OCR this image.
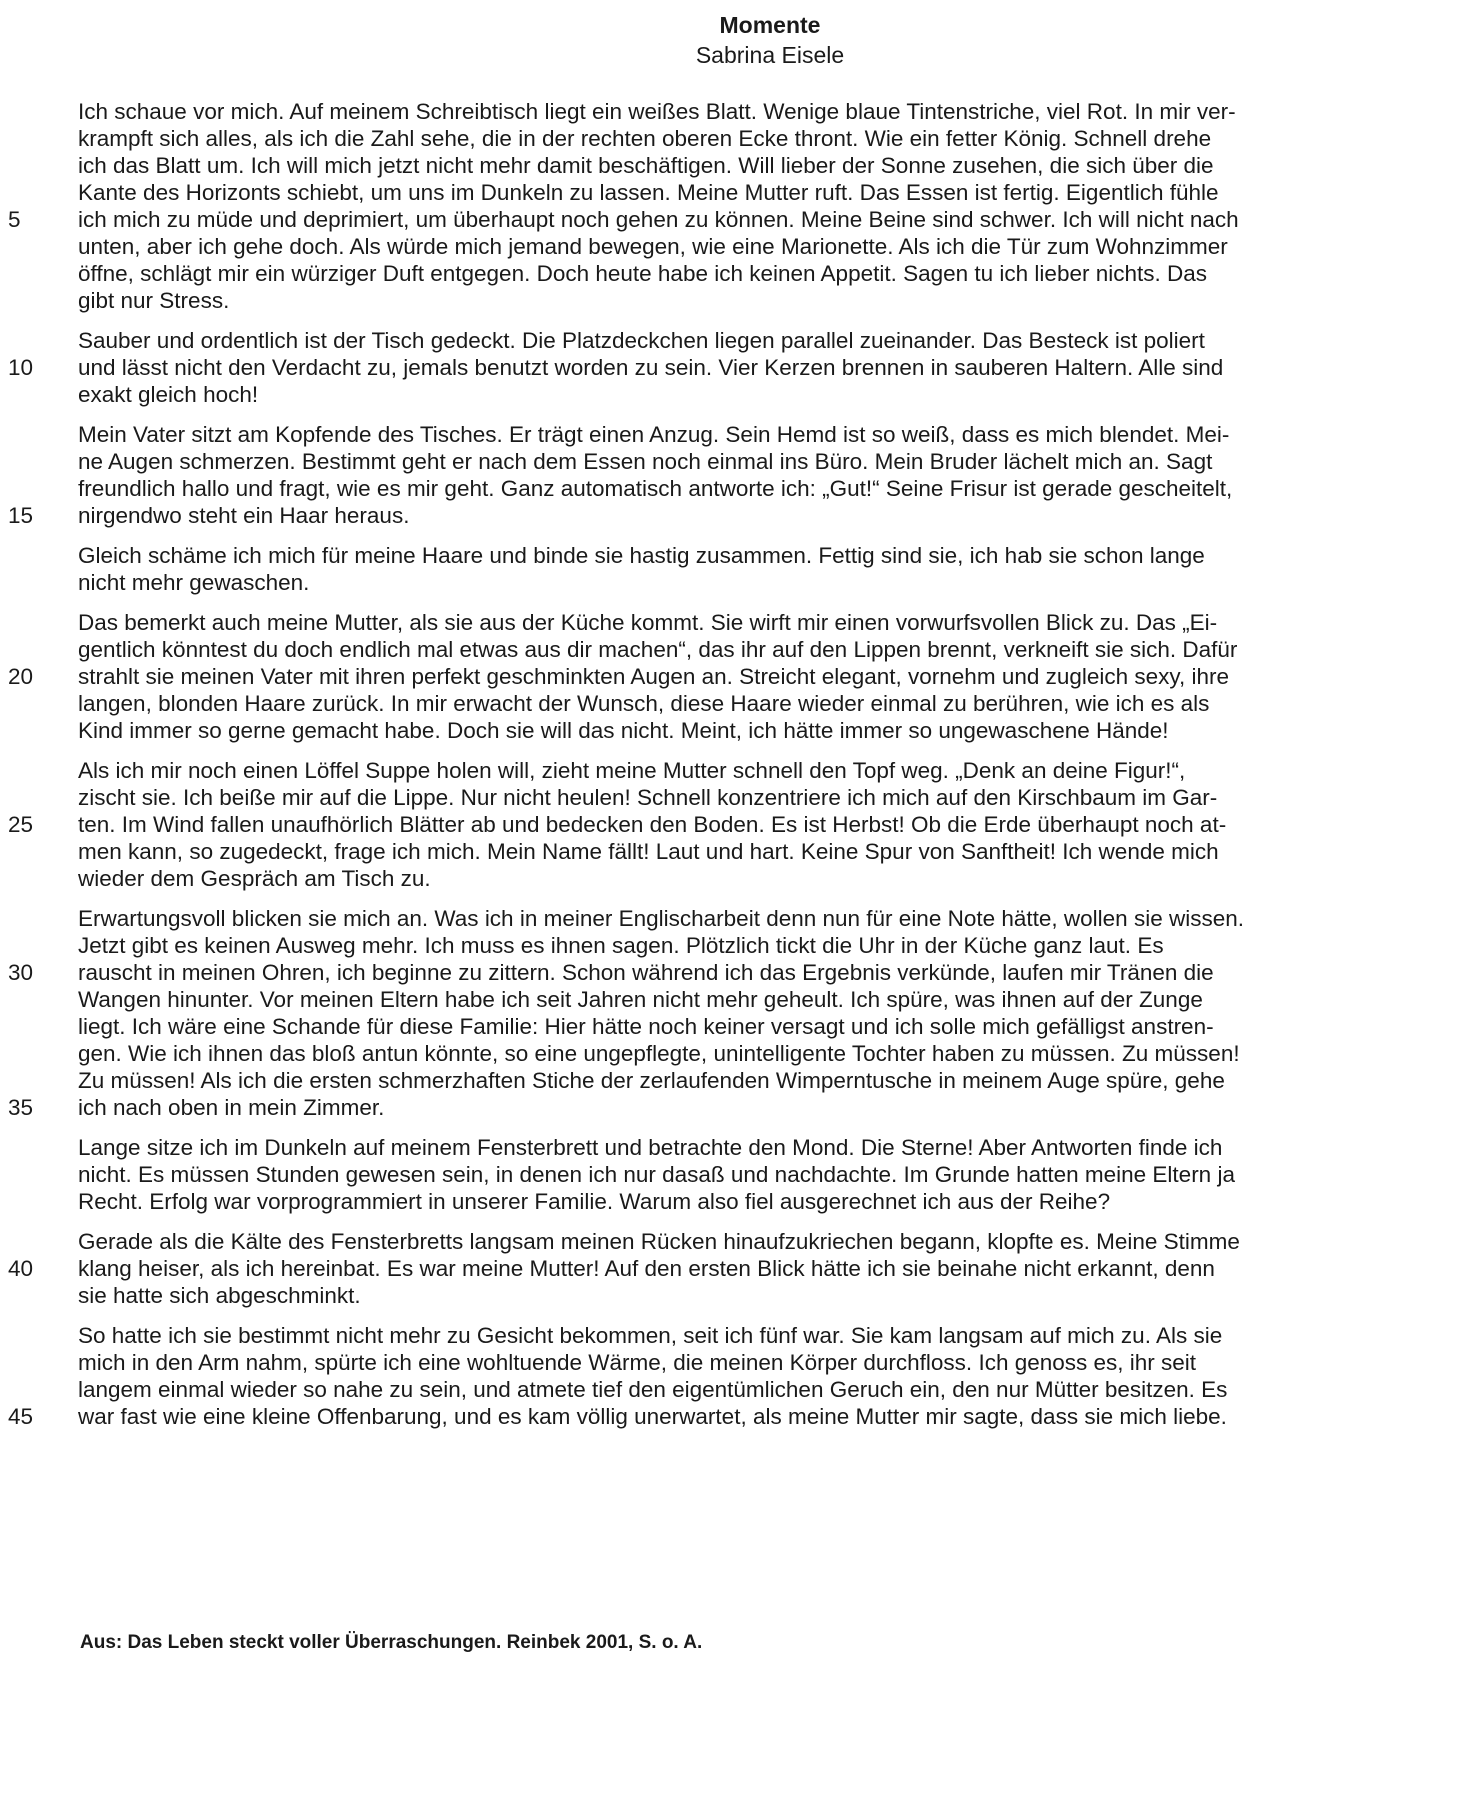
Momente
Sabrina Eisele
5
10
15
20
25
30
35
40
45
Ich schaue vor mich. Auf meinem Schreibtisch liegt ein weißes Blatt. Wenige blaue Tintenstriche, viel Rot. In mir ver-
krampft sich alles, als ich die Zahl sehe, die in der rechten oberen Ecke thront. Wie ein fetter König. Schnell drehe
ich das Blatt um. Ich will mich jetzt nicht mehr damit beschäftigen. Will lieber der Sonne zusehen, die sich über die
Kante des Horizonts schiebt, um uns im Dunkeln zu lassen. Meine Mutter ruft. Das Essen ist fertig. Eigentlich fühle
ich mich zu müde und deprimiert, um überhaupt noch gehen zu können. Meine Beine sind schwer. Ich will nicht nach
unten, aber ich gehe doch. Als würde mich jemand bewegen, wie eine Marionette. Als ich die Tür zum Wohnzimmer
öffne, schlägt mir ein würziger Duft entgegen. Doch heute habe ich keinen Appetit. Sagen tu ich lieber nichts. Das
gibt nur Stress.
Sauber und ordentlich ist der Tisch gedeckt. Die Platzdeckchen liegen parallel zueinander. Das Besteck ist poliert
und lässt nicht den Verdacht zu, jemals benutzt worden zu sein. Vier Kerzen brennen in sauberen Haltern. Alle sind
exakt gleich hoch!
Mein Vater sitzt am Kopfende des Tisches. Er trägt einen Anzug. Sein Hemd ist so weiß, dass es mich blendet. Mei-
ne Augen schmerzen. Bestimmt geht er nach dem Essen noch einmal ins Büro. Mein Bruder lächelt mich an. Sagt
freundlich hallo und fragt, wie es mir geht. Ganz automatisch antworte ich: „Gut!“ Seine Frisur ist gerade gescheitelt,
nirgendwo steht ein Haar heraus.
Gleich schäme ich mich für meine Haare und binde sie hastig zusammen. Fettig sind sie, ich hab sie schon lange
nicht mehr gewaschen.
Das bemerkt auch meine Mutter, als sie aus der Küche kommt. Sie wirft mir einen vorwurfsvollen Blick zu. Das „Ei-
gentlich könntest du doch endlich mal etwas aus dir machen“, das ihr auf den Lippen brennt, verkneift sie sich. Dafür
strahlt sie meinen Vater mit ihren perfekt geschminkten Augen an. Streicht elegant, vornehm und zugleich sexy, ihre
langen, blonden Haare zurück. In mir erwacht der Wunsch, diese Haare wieder einmal zu berühren, wie ich es als
Kind immer so gerne gemacht habe. Doch sie will das nicht. Meint, ich hätte immer so ungewaschene Hände!
Als ich mir noch einen Löffel Suppe holen will, zieht meine Mutter schnell den Topf weg. „Denk an deine Figur!“,
zischt sie. Ich beiße mir auf die Lippe. Nur nicht heulen! Schnell konzentriere ich mich auf den Kirschbaum im Gar-
ten. Im Wind fallen unaufhörlich Blätter ab und bedecken den Boden. Es ist Herbst! Ob die Erde überhaupt noch at-
men kann, so zugedeckt, frage ich mich. Mein Name fällt! Laut und hart. Keine Spur von Sanftheit! Ich wende mich
wieder dem Gespräch am Tisch zu.
Erwartungsvoll blicken sie mich an. Was ich in meiner Englischarbeit denn nun für eine Note hätte, wollen sie wissen.
Jetzt gibt es keinen Ausweg mehr. Ich muss es ihnen sagen. Plötzlich tickt die Uhr in der Küche ganz laut. Es
rauscht in meinen Ohren, ich beginne zu zittern. Schon während ich das Ergebnis verkünde, laufen mir Tränen die
Wangen hinunter. Vor meinen Eltern habe ich seit Jahren nicht mehr geheult. Ich spüre, was ihnen auf der Zunge
liegt. Ich wäre eine Schande für diese Familie: Hier hätte noch keiner versagt und ich solle mich gefälligst anstren-
gen. Wie ich ihnen das bloß antun könnte, so eine ungepflegte, unintelligente Tochter haben zu müssen. Zu müssen!
Zu müssen! Als ich die ersten schmerzhaften Stiche der zerlaufenden Wimperntusche in meinem Auge spüre, gehe
ich nach oben in mein Zimmer.
Lange sitze ich im Dunkeln auf meinem Fensterbrett und betrachte den Mond. Die Sterne! Aber Antworten finde ich
nicht. Es müssen Stunden gewesen sein, in denen ich nur dasaß und nachdachte. Im Grunde hatten meine Eltern ja
Recht. Erfolg war vorprogrammiert in unserer Familie. Warum also fiel ausgerechnet ich aus der Reihe?
Gerade als die Kälte des Fensterbretts langsam meinen Rücken hinaufzukriechen begann, klopfte es. Meine Stimme
klang heiser, als ich hereinbat. Es war meine Mutter! Auf den ersten Blick hätte ich sie beinahe nicht erkannt, denn
sie hatte sich abgeschminkt.
So hatte ich sie bestimmt nicht mehr zu Gesicht bekommen, seit ich fünf war. Sie kam langsam auf mich zu. Als sie
mich in den Arm nahm, spürte ich eine wohltuende Wärme, die meinen Körper durchfloss. Ich genoss es, ihr seit
langem einmal wieder so nahe zu sein, und atmete tief den eigentümlichen Geruch ein, den nur Mütter besitzen. Es
war fast wie eine kleine Offenbarung, und es kam völlig unerwartet, als meine Mutter mir sagte, dass sie mich liebe.
Aus: Das Leben steckt voller Überraschungen. Reinbek 2001, S. o. A.
